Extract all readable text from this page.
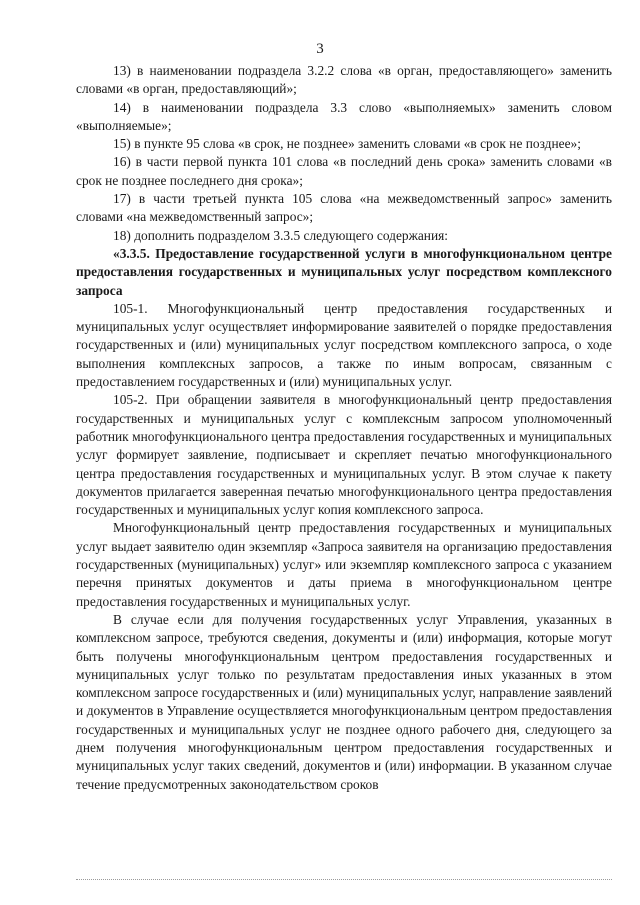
3

13) в наименовании подраздела 3.2.2 слова «в орган, предоставляющего» заменить словами «в орган, предоставляющий»;

14) в наименовании подраздела 3.3 слово «выполняемых» заменить словом «выполняемые»;

15) в пункте 95 слова «в срок, не позднее» заменить словами «в срок не позднее»;

16) в части первой пункта 101 слова «в последний день срока» заменить словами «в срок не позднее последнего дня срока»;

17) в части третьей пункта 105 слова «на межведомственный запрос» заменить словами «на межведомственный запрос»;

18) дополнить подразделом 3.3.5 следующего содержания:

«3.3.5. Предоставление государственной услуги в многофункциональном центре предоставления государственных и муниципальных услуг посредством комплексного запроса

105-1. Многофункциональный центр предоставления государственных и муниципальных услуг осуществляет информирование заявителей о порядке предоставления государственных и (или) муниципальных услуг посредством комплексного запроса, о ходе выполнения комплексных запросов, а также по иным вопросам, связанным с предоставлением государственных и (или) муниципальных услуг.

105-2. При обращении заявителя в многофункциональный центр предоставления государственных и муниципальных услуг с комплексным запросом уполномоченный работник многофункционального центра предоставления государственных и муниципальных услуг формирует заявление, подписывает и скрепляет печатью многофункционального центра предоставления государственных и муниципальных услуг. В этом случае к пакету документов прилагается заверенная печатью многофункционального центра предоставления государственных и муниципальных услуг копия комплексного запроса.

Многофункциональный центр предоставления государственных и муниципальных услуг выдает заявителю один экземпляр «Запроса заявителя на организацию предоставления государственных (муниципальных) услуг» или экземпляр комплексного запроса с указанием перечня принятых документов и даты приема в многофункциональном центре предоставления государственных и муниципальных услуг.

В случае если для получения государственных услуг Управления, указанных в комплексном запросе, требуются сведения, документы и (или) информация, которые могут быть получены многофункциональным центром предоставления государственных и муниципальных услуг только по результатам предоставления иных указанных в этом комплексном запросе государственных и (или) муниципальных услуг, направление заявлений и документов в Управление осуществляется многофункциональным центром предоставления государственных и муниципальных услуг не позднее одного рабочего дня, следующего за днем получения многофункциональным центром предоставления государственных и муниципальных услуг таких сведений, документов и (или) информации. В указанном случае течение предусмотренных законодательством сроков
